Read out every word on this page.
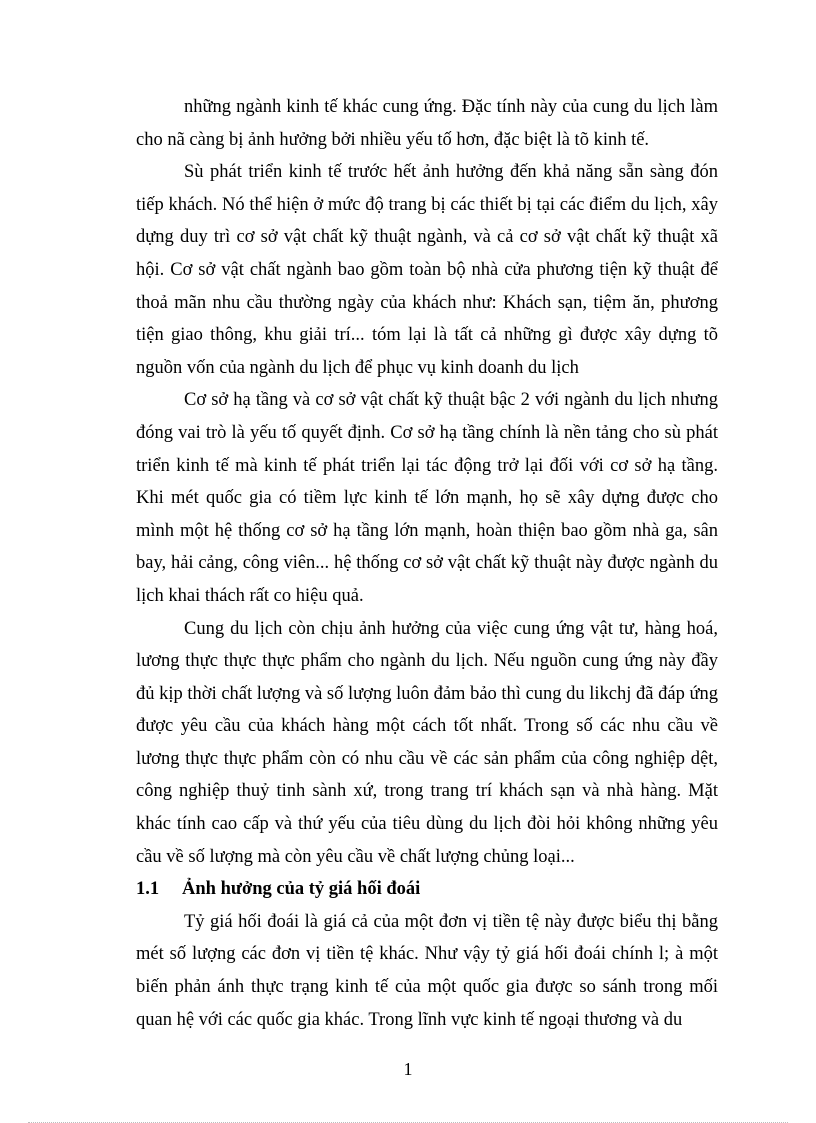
những ngành kinh tế khác cung ứng. Đặc tính này của cung du lịch làm cho nã càng bị ảnh hưởng bởi nhiều yếu tố hơn, đặc biệt là tõ kinh tế.

Sù phát triển kinh tế trước hết ảnh hưởng đến khả năng sẵn sàng đón tiếp khách. Nó thể hiện ở mức độ trang bị các thiết bị tại các điểm du lịch, xây dựng duy trì cơ sở vật chất kỹ thuật ngành, và cả cơ sở vật chất kỹ thuật xã hội. Cơ sở vật chất ngành bao gồm toàn bộ nhà cửa phương tiện kỹ thuật để thoả mãn nhu cầu thường ngày của khách như: Khách sạn, tiệm ăn, phương tiện giao thông, khu giải trí... tóm lại là tất cả những gì được xây dựng tõ nguồn vốn của ngành du lịch để phục vụ kinh doanh du lịch

Cơ sở hạ tầng và cơ sở vật chất kỹ thuật bậc 2 với ngành du lịch nhưng đóng vai trò là yếu tố quyết định. Cơ sở hạ tầng chính là nền tảng cho sù phát triển kinh tế mà kinh tế phát triển lại tác động trở lại đối với cơ sở hạ tầng. Khi mét quốc gia có tiềm lực kinh tế lớn mạnh, họ sẽ xây dựng được cho mình một hệ thống cơ sở hạ tầng lớn mạnh, hoàn thiện bao gồm nhà ga, sân bay, hải cảng, công viên... hệ thống cơ sở vật chất kỹ thuật này được ngành du lịch khai thách rất co hiệu quả.

Cung du lịch còn chịu ảnh hưởng của việc cung ứng vật tư, hàng hoá, lương thực thực thực phẩm cho ngành du lịch. Nếu nguồn cung ứng này đầy đủ kịp thời chất lượng và số lượng luôn đảm bảo thì cung du likchj đã đáp ứng được yêu cầu của khách hàng một cách tốt nhất. Trong số các nhu cầu về lương thực thực phẩm còn có nhu cầu về các sản phẩm của công nghiệp dệt, công nghiệp thuỷ tinh sành xứ, trong trang trí khách sạn và nhà hàng. Mặt khác tính cao cấp và thứ yếu của tiêu dùng du lịch đòi hỏi không những yêu cầu về số lượng mà còn yêu cầu về chất lượng chủng loại...

1.1	Ảnh hưởng của tỷ giá hối đoái

Tỷ giá hối đoái là giá cả của một đơn vị tiền tệ này được biểu thị bằng mét số lượng các đơn vị tiền tệ khác. Như vậy tỷ giá hối đoái chính l; à một biến phản ánh thực trạng kinh tế của một quốc gia được so sánh trong mối quan hệ với các quốc gia khác. Trong lĩnh vực kinh tế ngoại thương và du

1
